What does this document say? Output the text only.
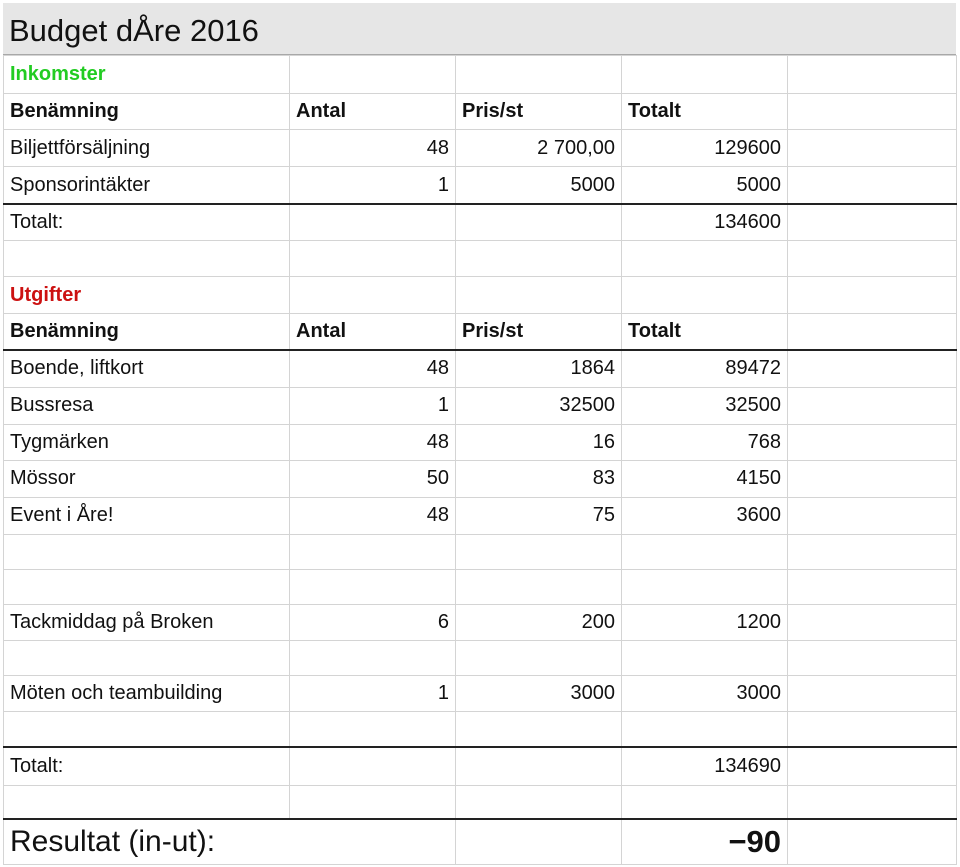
Budget dÅre 2016
Inkomster				
Benämning	Antal	Pris/st	Totalt	
Biljettförsäljning	48	2 700,00	129600	
Sponsorintäkter	1	5000	5000	
Totalt:			134600	

Utgifter				
Benämning	Antal	Pris/st	Totalt	
Boende, liftkort	48	1864	89472	
Bussresa	1	32500	32500	
Tygmärken	48	16	768	
Mössor	50	83	4150	
Event i Åre!	48	75	3600	

Tackmiddag på Broken	6	200	1200	

Möten och teambuilding	1	3000	3000	

Totalt:			134690	

Resultat (in-ut):			−90	
